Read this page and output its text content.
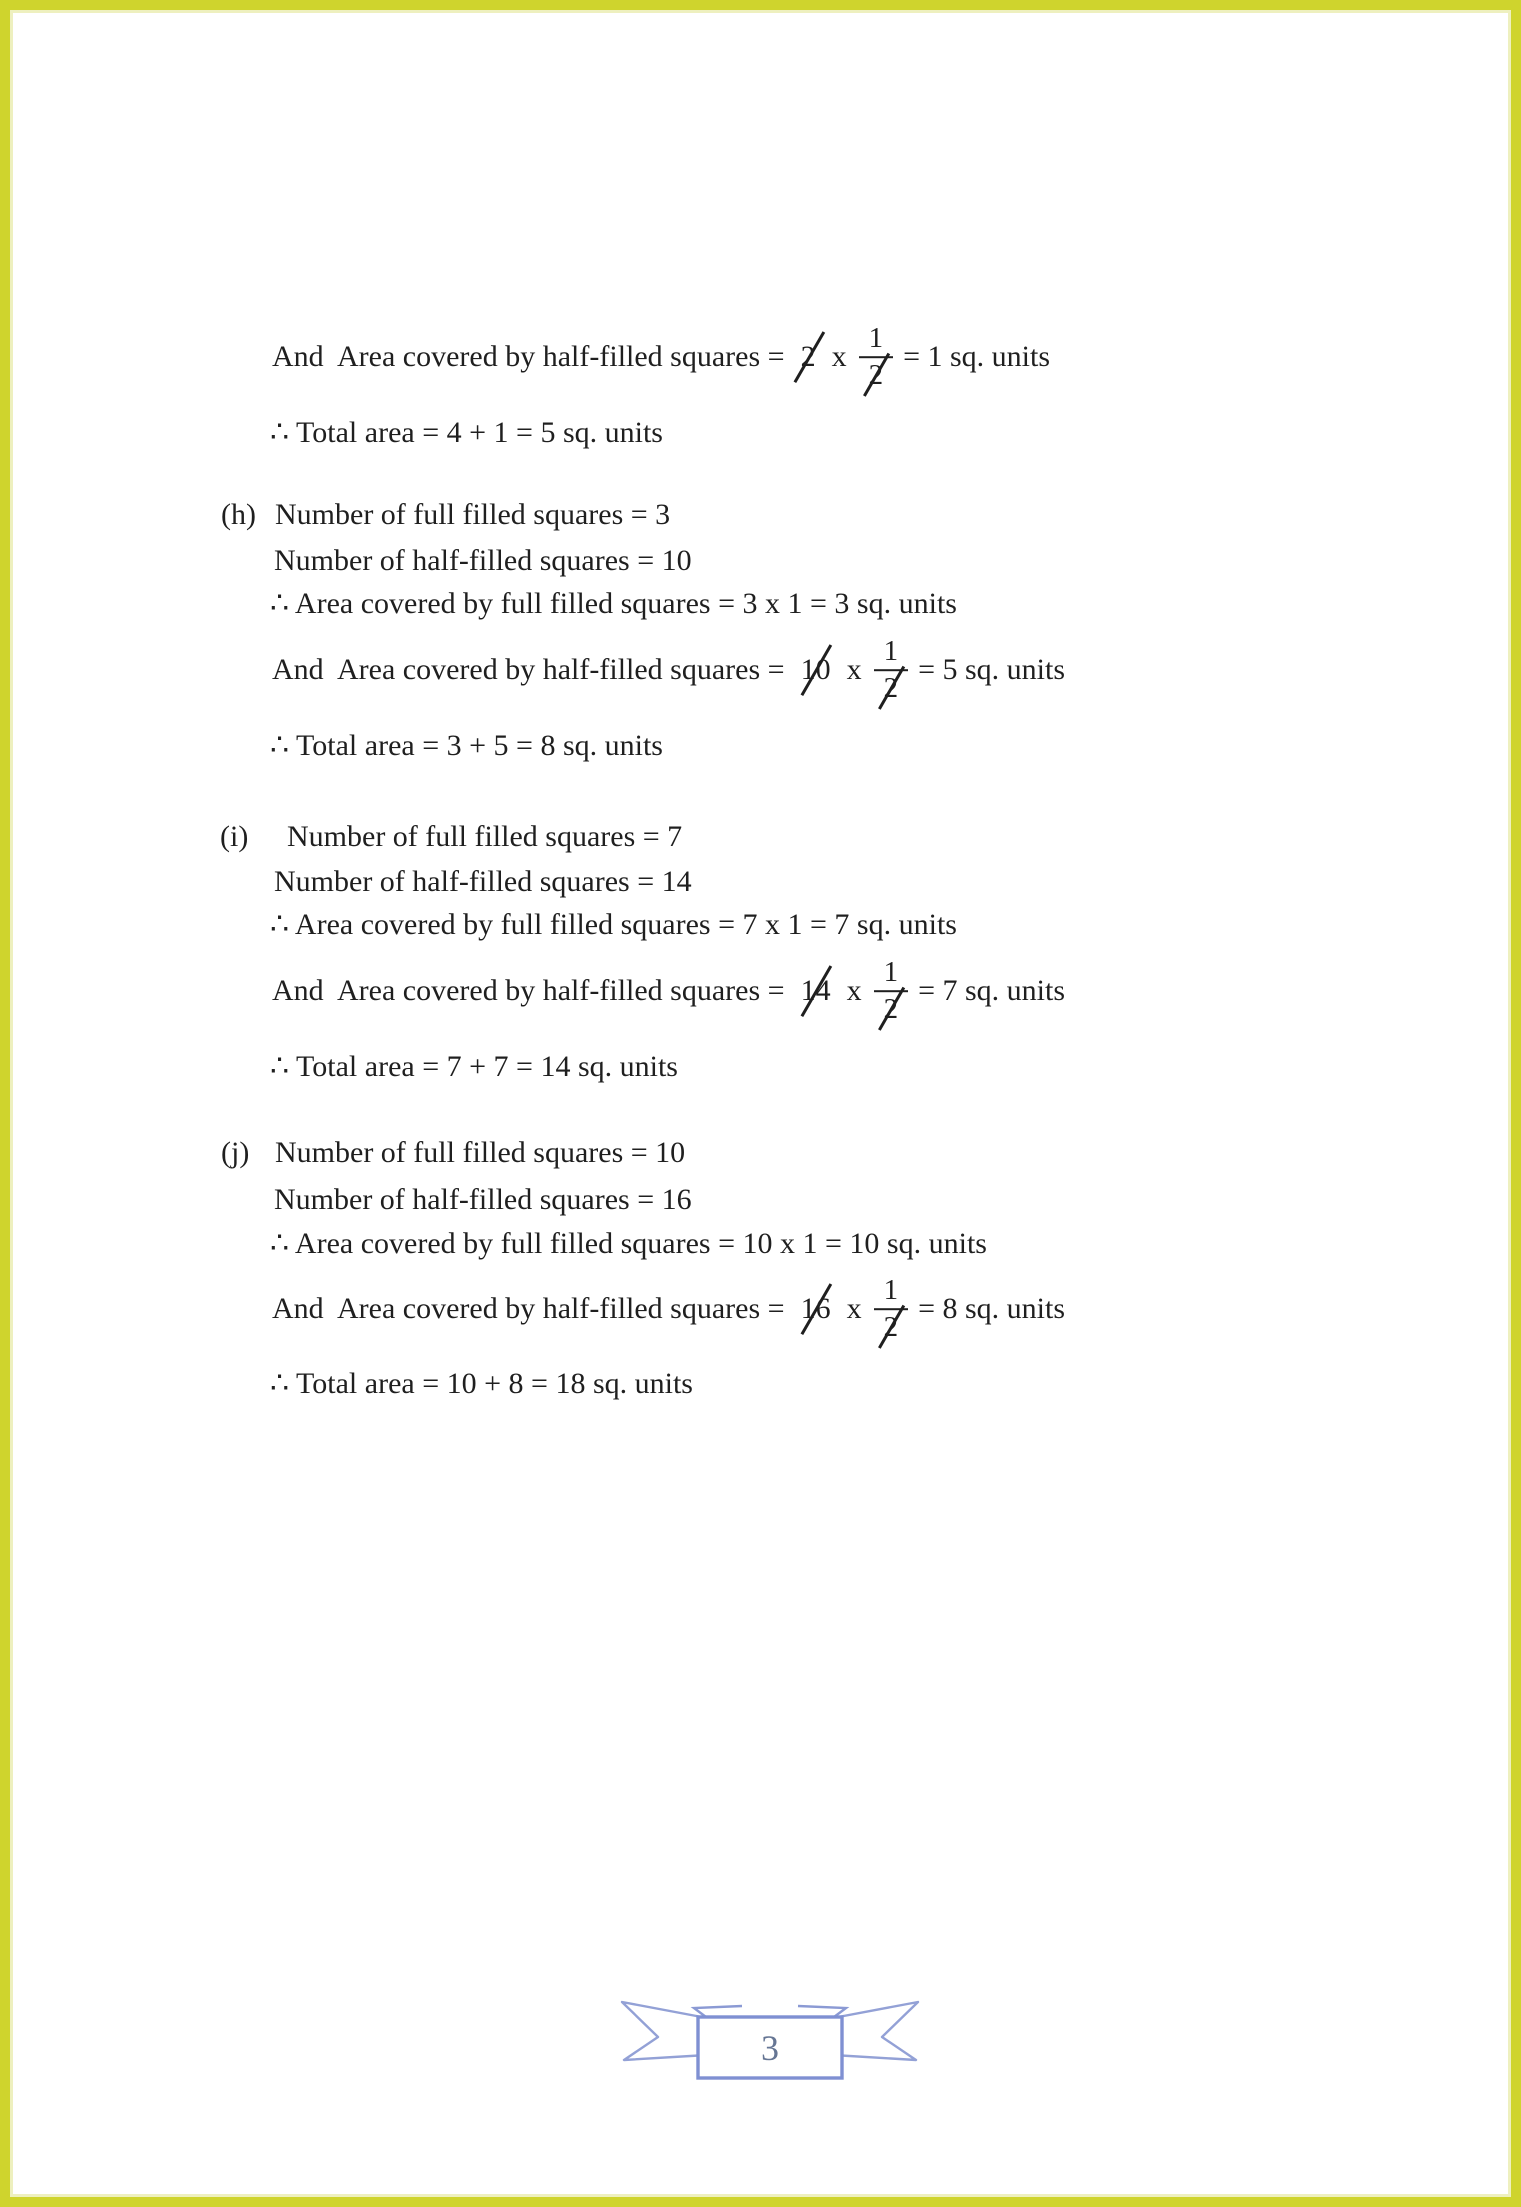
And  Area covered by half-filled squares = 2 x $\frac{1}{2} = 1$ sq. units
∴ Total area = 4 + 1 = 5 sq. units
(h) Number of full filled squares = 3
Number of half-filled squares = 10
∴ Area covered by full filled squares = 3 x 1 = 3 sq. units
And  Area covered by half-filled squares = 10 x $\frac{1}{2} = 5$ sq. units
∴ Total area = 3 + 5 = 8 sq. units
(i) Number of full filled squares = 7
Number of half-filled squares = 14
∴ Area covered by full filled squares = 7 x 1 = 7 sq. units
And  Area covered by half-filled squares = 14 x $\frac{1}{2} = 7$ sq. units
∴ Total area = 7 + 7 = 14 sq. units
(j) Number of full filled squares = 10
Number of half-filled squares = 16
∴ Area covered by full filled squares = 10 x 1 = 10 sq. units
And  Area covered by half-filled squares = 16 x $\frac{1}{2} = 8$ sq. units
∴ Total area = 10 + 8 = 18 sq. units
3
